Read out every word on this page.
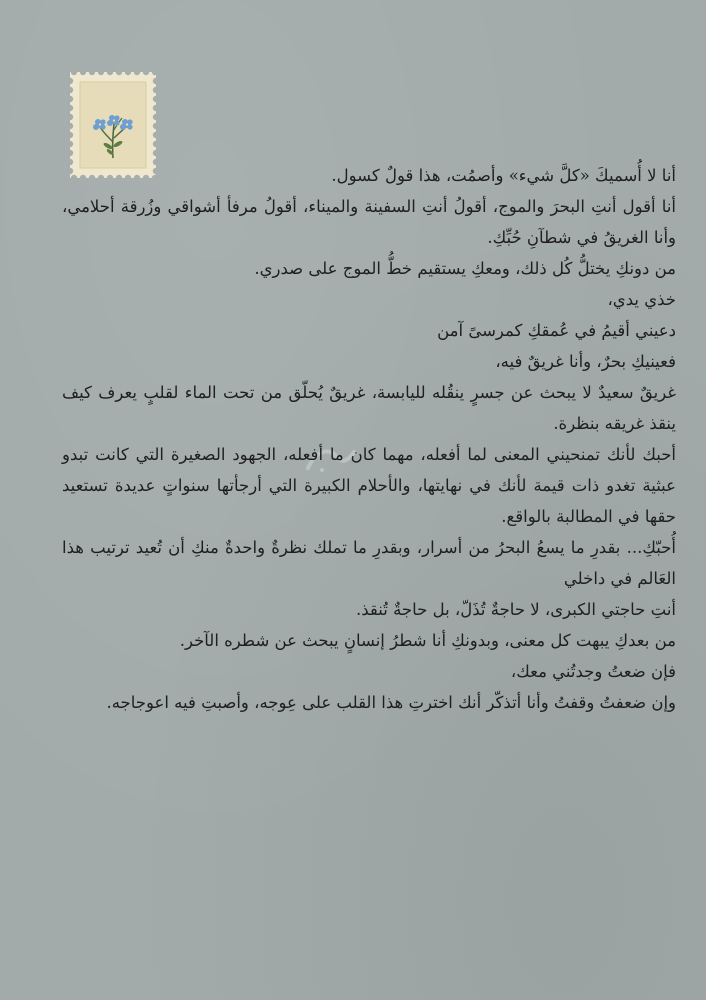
أنا لا أُسميكَ «كلَّ شيء» وأصمُت، هذا قولٌ كسول.

أنا أقول أنتِ البحرَ والموج، أقولُ أنتِ السفينة والميناء، أقولُ مرفأ أشواقي وزُرقة أحلامي، وأنا الغريقُ في شطآنِ حُبِّكِ.

من دونكِ يختلُّ كُل ذلك، ومعكِ يستقيم خطُّ الموج على صدري.

خذي يدي،

دعيني أقيمُ في عُمقكِ كمرسىً آمن

فعينيكِ بحرٌ، وأنا غريقٌ فيه،

غريقٌ سعيدٌ لا يبحث عن جسرٍ ينقُله لليابسة، غريقٌ يُحلّق من تحت الماء لقلبٍ يعرف كيف ينقذ غريقه بنظرة.

أحبك لأنك تمنحيني المعنى لما أفعله، مهما كان ما أفعله، الجهود الصغيرة التي كانت تبدو عبثية تغدو ذات قيمة لأنك في نهايتها، والأحلام الكبيرة التي أرجأتها سنواتٍ عديدة تستعيد حقها في المطالبة بالواقع.

أُحبّكِ... بقدرِ ما يسعُ البحرُ من أسرار، وبقدرِ ما تملك نظرةٌ واحدةٌ منكِ أن تُعيد ترتيب هذا العَالم في داخلي

أنتِ حاجتي الكبرى، لا حاجةٌ تُذَلّ، بل حاجةٌ تُنقذ.

من بعدكِ يبهت كل معنى، وبدونكِ أنا شطرُ إنسانٍ يبحث عن شطره الآخر.

فإن ضعتُ وجدتُني معك،

وإن ضعفتُ وقفتُ وأنا أتذكّر أنك اخترتِ هذا القلب على عِوجه، وأصبتِ فيه اعوجاجه.
